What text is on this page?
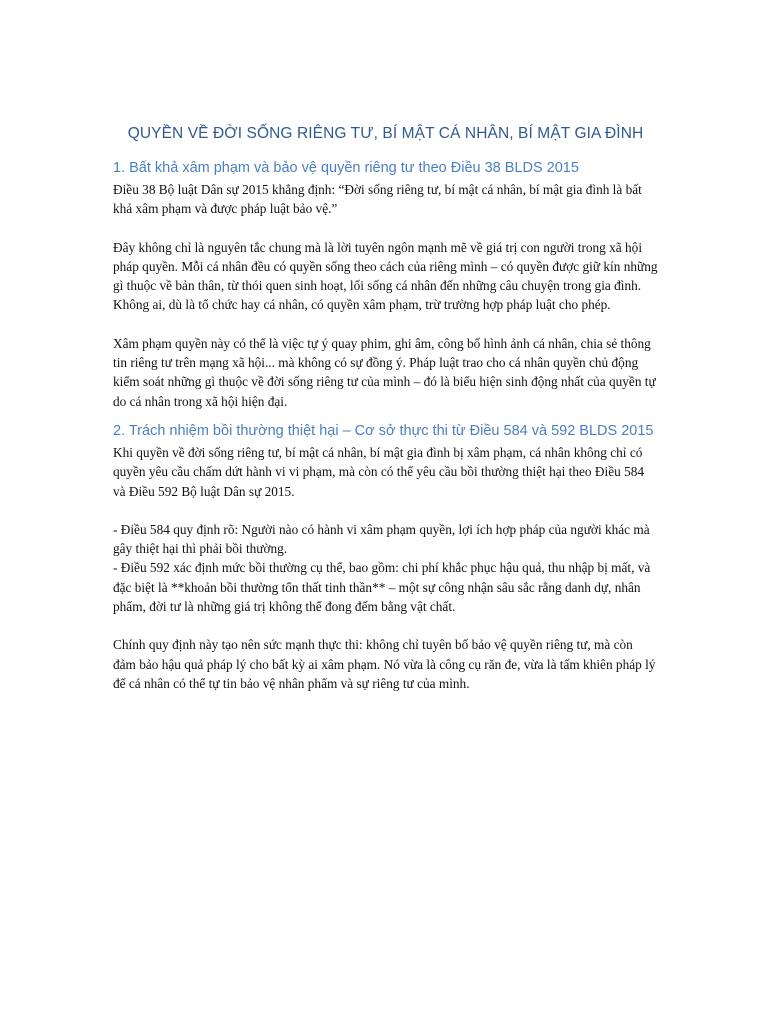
QUYỀN VỀ ĐỜI SỐNG RIÊNG TƯ, BÍ MẬT CÁ NHÂN, BÍ MẬT GIA ĐÌNH
1. Bất khả xâm phạm và bảo vệ quyền riêng tư theo Điều 38 BLDS 2015

Điều 38 Bộ luật Dân sự 2015 khẳng định: “Đời sống riêng tư, bí mật cá nhân, bí mật gia đình là bất khả xâm phạm và được pháp luật bảo vệ.”

Đây không chỉ là nguyên tắc chung mà là lời tuyên ngôn mạnh mẽ về giá trị con người trong xã hội pháp quyền. Mỗi cá nhân đều có quyền sống theo cách của riêng mình – có quyền được giữ kín những gì thuộc về bản thân, từ thói quen sinh hoạt, lối sống cá nhân đến những câu chuyện trong gia đình. Không ai, dù là tổ chức hay cá nhân, có quyền xâm phạm, trừ trường hợp pháp luật cho phép.

Xâm phạm quyền này có thể là việc tự ý quay phim, ghi âm, công bố hình ảnh cá nhân, chia sẻ thông tin riêng tư trên mạng xã hội... mà không có sự đồng ý. Pháp luật trao cho cá nhân quyền chủ động kiểm soát những gì thuộc về đời sống riêng tư của mình – đó là biểu hiện sinh động nhất của quyền tự do cá nhân trong xã hội hiện đại.

2. Trách nhiệm bồi thường thiệt hại – Cơ sở thực thi từ Điều 584 và 592 BLDS 2015

Khi quyền về đời sống riêng tư, bí mật cá nhân, bí mật gia đình bị xâm phạm, cá nhân không chỉ có quyền yêu cầu chấm dứt hành vi vi phạm, mà còn có thể yêu cầu bồi thường thiệt hại theo Điều 584 và Điều 592 Bộ luật Dân sự 2015.

- Điều 584 quy định rõ: Người nào có hành vi xâm phạm quyền, lợi ích hợp pháp của người khác mà gây thiệt hại thì phải bồi thường.

- Điều 592 xác định mức bồi thường cụ thể, bao gồm: chi phí khắc phục hậu quả, thu nhập bị mất, và đặc biệt là **khoản bồi thường tổn thất tinh thần** – một sự công nhận sâu sắc rằng danh dự, nhân phẩm, đời tư là những giá trị không thể đong đếm bằng vật chất.

Chính quy định này tạo nên sức mạnh thực thi: không chỉ tuyên bố bảo vệ quyền riêng tư, mà còn đảm bảo hậu quả pháp lý cho bất kỳ ai xâm phạm. Nó vừa là công cụ răn đe, vừa là tấm khiên pháp lý để cá nhân có thể tự tin bảo vệ nhân phẩm và sự riêng tư của mình.
